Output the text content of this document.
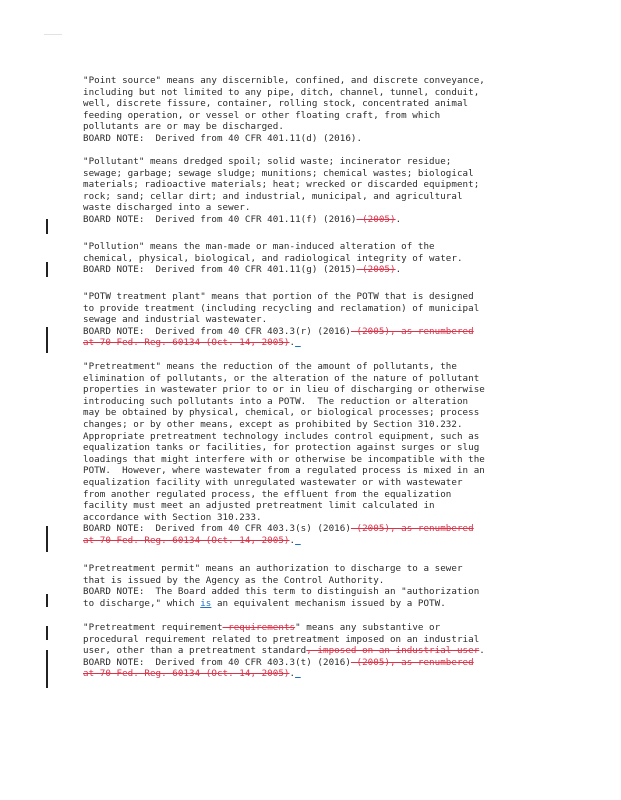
"Point source" means any discernible, confined, and discrete conveyance,
including but not limited to any pipe, ditch, channel, tunnel, conduit,
well, discrete fissure, container, rolling stock, concentrated animal
feeding operation, or vessel or other floating craft, from which
pollutants are or may be discharged.
BOARD NOTE:  Derived from 40 CFR 401.11(d) (2016).
"Pollutant" means dredged spoil; solid waste; incinerator residue;
sewage; garbage; sewage sludge; munitions; chemical wastes; biological
materials; radioactive materials; heat; wrecked or discarded equipment;
rock; sand; cellar dirt; and industrial, municipal, and agricultural
waste discharged into a sewer.
BOARD NOTE:  Derived from 40 CFR 401.11(f) (2016) (2005).
"Pollution" means the man-made or man-induced alteration of the
chemical, physical, biological, and radiological integrity of water.
BOARD NOTE:  Derived from 40 CFR 401.11(g) (2015) (2005).
"POTW treatment plant" means that portion of the POTW that is designed
to provide treatment (including recycling and reclamation) of municipal
sewage and industrial wastewater.
BOARD NOTE:  Derived from 40 CFR 403.3(r) (2016) (2005), as renumbered
at 70 Fed. Reg. 60134 (Oct. 14, 2005)._
"Pretreatment" means the reduction of the amount of pollutants, the
elimination of pollutants, or the alteration of the nature of pollutant
properties in wastewater prior to or in lieu of discharging or otherwise
introducing such pollutants into a POTW.  The reduction or alteration
may be obtained by physical, chemical, or biological processes; process
changes; or by other means, except as prohibited by Section 310.232.
Appropriate pretreatment technology includes control equipment, such as
equalization tanks or facilities, for protection against surges or slug
loadings that might interfere with or otherwise be incompatible with the
POTW.  However, where wastewater from a regulated process is mixed in an
equalization facility with unregulated wastewater or with wastewater
from another regulated process, the effluent from the equalization
facility must meet an adjusted pretreatment limit calculated in
accordance with Section 310.233.
BOARD NOTE:  Derived from 40 CFR 403.3(s) (2016) (2005), as renumbered
at 70 Fed. Reg. 60134 (Oct. 14, 2005)._
"Pretreatment permit" means an authorization to discharge to a sewer
that is issued by the Agency as the Control Authority.
BOARD NOTE:  The Board added this term to distinguish an "authorization
to discharge," which is an equivalent mechanism issued by a POTW.
"Pretreatment requirement requirements" means any substantive or
procedural requirement related to pretreatment imposed on an industrial
user, other than a pretreatment standard, imposed on an industrial user.
BOARD NOTE:  Derived from 40 CFR 403.3(t) (2016) (2005), as renumbered
at 70 Fed. Reg. 60134 (Oct. 14, 2005)._
